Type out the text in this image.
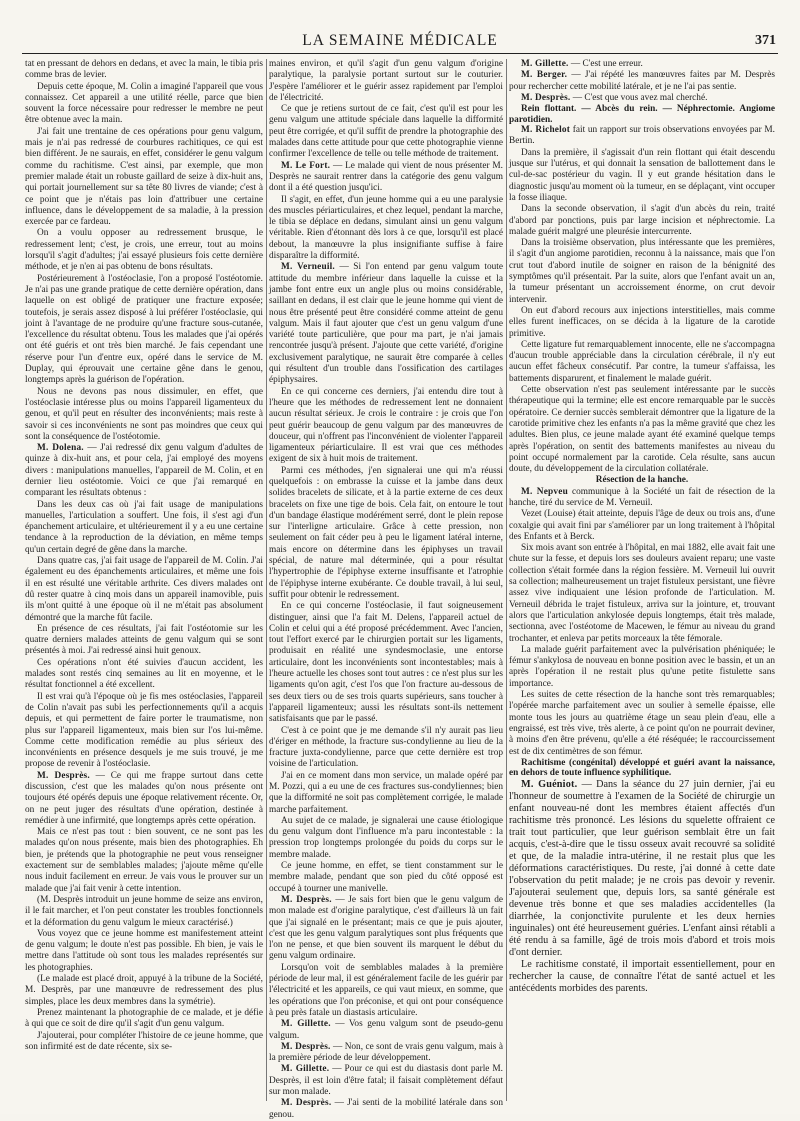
LA SEMAINE MÉDICALE	371

tat en pressant de dehors en dedans, et avec la main, le tibia pris comme bras de levier.

Depuis cette époque, M. Colin a imaginé l'appareil que vous connaissez. Cet appareil a une utilité réelle, parce que bien souvent la force nécessaire pour redresser le membre ne peut être obtenue avec la main.

J'ai fait une trentaine de ces opérations pour genu valgum, mais je n'ai pas redressé de courbures rachitiques, ce qui est bien différent. Je ne saurais, en effet, considérer le genu valgum comme du rachitisme. C'est ainsi, par exemple, que mon premier malade était un robuste gaillard de seize à dix-huit ans, qui portait journellement sur sa tête 80 livres de viande; c'est à ce point que je n'étais pas loin d'attribuer une certaine influence, dans le développement de sa maladie, à la pression exercée par ce fardeau.

On a voulu opposer au redressement brusque, le redressement lent; c'est, je crois, une erreur, tout au moins lorsqu'il s'agit d'adultes; j'ai essayé plusieurs fois cette dernière méthode, et je n'en ai pas obtenu de bons résultats.

Postérieurement à l'ostéoclasie, l'on a proposé l'ostéotomie. Je n'ai pas une grande pratique de cette dernière opération, dans laquelle on est obligé de pratiquer une fracture exposée; toutefois, je serais assez disposé à lui préférer l'ostéoclasie, qui joint à l'avantage de ne produire qu'une fracture sous-cutanée, l'excellence du résultat obtenu. Tous les malades que j'ai opérés ont été guéris et ont très bien marché. Je fais cependant une réserve pour l'un d'entre eux, opéré dans le service de M. Duplay, qui éprouvait une certaine gêne dans le genou, longtemps après la guérison de l'opération.

Nous ne devons pas nous dissimuler, en effet, que l'ostéoclasie intéresse plus ou moins l'appareil ligamenteux du genou, et qu'il peut en résulter des inconvénients; mais reste à savoir si ces inconvénients ne sont pas moindres que ceux qui sont la conséquence de l'ostéotomie.

M. Dolena. — J'ai redressé dix genu valgum d'adultes de quinze à dix-huit ans, et pour cela, j'ai employé des moyens divers : manipulations manuelles, l'appareil de M. Colin, et en dernier lieu ostéotomie. Voici ce que j'ai remarqué en comparant les résultats obtenus :

Dans les deux cas où j'ai fait usage de manipulations manuelles, l'articulation a souffert. Une fois, il s'est agi d'un épanchement articulaire, et ultérieurement il y a eu une certaine tendance à la reproduction de la déviation, en même temps qu'un certain degré de gêne dans la marche.

Dans quatre cas, j'ai fait usage de l'appareil de M. Colin. J'ai également eu des épanchements articulaires, et même une fois il en est résulté une véritable arthrite. Ces divers malades ont dû rester quatre à cinq mois dans un appareil inamovible, puis ils m'ont quitté à une époque où il ne m'était pas absolument démontré que la marche fût facile.

En présence de ces résultats, j'ai fait l'ostéotomie sur les quatre derniers malades atteints de genu valgum qui se sont présentés à moi. J'ai redressé ainsi huit genoux.

Ces opérations n'ont été suivies d'aucun accident, les malades sont restés cinq semaines au lit en moyenne, et le résultat fonctionnel a été excellent.

Il est vrai qu'à l'époque où je fis mes ostéoclasies, l'appareil de Colin n'avait pas subi les perfectionnements qu'il a acquis depuis, et qui permettent de faire porter le traumatisme, non plus sur l'appareil ligamenteux, mais bien sur l'os lui-même. Comme cette modification remédie au plus sérieux des inconvénients en présence desquels je me suis trouvé, je me propose de revenir à l'ostéoclasie.

M. Desprès. — Ce qui me frappe surtout dans cette discussion, c'est que les malades qu'on nous présente ont toujours été opérés depuis une époque relativement récente. Or, on ne peut juger des résultats d'une opération, destinée à remédier à une infirmité, que longtemps après cette opération.

Mais ce n'est pas tout : bien souvent, ce ne sont pas les malades qu'on nous présente, mais bien des photographies. Eh bien, je prétends que la photographie ne peut vous renseigner exactement sur de semblables malades; j'ajoute même qu'elle nous induit facilement en erreur. Je vais vous le prouver sur un malade que j'ai fait venir à cette intention.

(M. Desprès introduit un jeune homme de seize ans environ, il le fait marcher, et l'on peut constater les troubles fonctionnels et la déformation du genu valgum le mieux caractérisé.)

Vous voyez que ce jeune homme est manifestement atteint de genu valgum; le doute n'est pas possible. Eh bien, je vais le mettre dans l'attitude où sont tous les malades représentés sur les photographies.

(Le malade est placé droit, appuyé à la tribune de la Société, M. Desprès, par une manœuvre de redressement des plus simples, place les deux membres dans la symétrie).

Prenez maintenant la photographie de ce malade, et je défie à qui que ce soit de dire qu'il s'agit d'un genu valgum.

J'ajouterai, pour compléter l'histoire de ce jeune homme, que son infirmité est de date récente, six se-

maines environ, et qu'il s'agit d'un genu valgum d'origine paralytique, la paralysie portant surtout sur le couturier. J'espère l'améliorer et le guérir assez rapidement par l'emploi de l'électricité.

Ce que je retiens surtout de ce fait, c'est qu'il est pour les genu valgum une attitude spéciale dans laquelle la difformité peut être corrigée, et qu'il suffit de prendre la photographie des malades dans cette attitude pour que cette photographie vienne confirmer l'excellence de telle ou telle méthode de traitement.

M. Le Fort. — Le malade qui vient de nous présenter M. Desprès ne saurait rentrer dans la catégorie des genu valgum dont il a été question jusqu'ici.

Il s'agit, en effet, d'un jeune homme qui a eu une paralysie des muscles périarticulaires, et chez lequel, pendant la marche, le tibia se déplace en dedans, simulant ainsi un genu valgum véritable. Rien d'étonnant dès lors à ce que, lorsqu'il est placé debout, la manœuvre la plus insignifiante suffise à faire disparaître la difformité.

M. Verneuil. — Si l'on entend par genu valgum toute attitude du membre inférieur dans laquelle la cuisse et la jambe font entre eux un angle plus ou moins considérable, saillant en dedans, il est clair que le jeune homme qui vient de nous être présenté peut être considéré comme atteint de genu valgum. Mais il faut ajouter que c'est un genu valgum d'une variété toute particulière, que pour ma part, je n'ai jamais rencontrée jusqu'à présent. J'ajoute que cette variété, d'origine exclusivement paralytique, ne saurait être comparée à celles qui résultent d'un trouble dans l'ossification des cartilages épiphysaires.

En ce qui concerne ces derniers, j'ai entendu dire tout à l'heure que les méthodes de redressement lent ne donnaient aucun résultat sérieux. Je crois le contraire : je crois que l'on peut guérir beaucoup de genu valgum par des manœuvres de douceur, qui n'offrent pas l'inconvénient de violenter l'appareil ligamenteux périarticulaire. Il est vrai que ces méthodes exigent de six à huit mois de traitement.

Parmi ces méthodes, j'en signalerai une qui m'a réussi quelquefois : on embrasse la cuisse et la jambe dans deux solides bracelets de silicate, et à la partie externe de ces deux bracelets on fixe une tige de bois. Cela fait, on entoure le tout d'un bandage élastique modérément serré, dont le plein repose sur l'interligne articulaire. Grâce à cette pression, non seulement on fait céder peu à peu le ligament latéral interne, mais encore on détermine dans les épiphyses un travail spécial, de nature mal déterminée, qui a pour résultat l'hypertrophie de l'épiphyse externe insuffisante et l'atrophie de l'épiphyse interne exubérante. Ce double travail, à lui seul, suffit pour obtenir le redressement.

En ce qui concerne l'ostéoclasie, il faut soigneusement distinguer, ainsi que l'a fait M. Delens, l'appareil actuel de Colin et celui qui a été proposé précédemment. Avec l'ancien, tout l'effort exercé par le chirurgien portait sur les ligaments, produisait en réalité une syndesmoclasie, une entorse articulaire, dont les inconvénients sont incontestables; mais à l'heure actuelle les choses sont tout autres : ce n'est plus sur les ligaments qu'on agit, c'est l'os que l'on fracture au-dessous de ses deux tiers ou de ses trois quarts supérieurs, sans toucher à l'appareil ligamenteux; aussi les résultats sont-ils nettement satisfaisants que par le passé.

C'est à ce point que je me demande s'il n'y aurait pas lieu d'ériger en méthode, la fracture sus-condylienne au lieu de la fracture juxta-condylienne, parce que cette dernière est trop voisine de l'articulation.

J'ai en ce moment dans mon service, un malade opéré par M. Pozzi, qui a eu une de ces fractures sus-condyliennes; bien que la difformité ne soit pas complètement corrigée, le malade marche parfaitement.

Au sujet de ce malade, je signalerai une cause étiologique du genu valgum dont l'influence m'a paru incontestable : la pression trop longtemps prolongée du poids du corps sur le membre malade.

Ce jeune homme, en effet, se tient constamment sur le membre malade, pendant que son pied du côté opposé est occupé à tourner une manivelle.

M. Desprès. — Je sais fort bien que le genu valgum de mon malade est d'origine paralytique, c'est d'ailleurs là un fait que j'ai signalé en le présentant; mais ce que je puis ajouter, c'est que les genu valgum paralytiques sont plus fréquents que l'on ne pense, et que bien souvent ils marquent le début du genu valgum ordinaire.

Lorsqu'on voit de semblables malades à la première période de leur mal, il est généralement facile de les guérir par l'électricité et les appareils, ce qui vaut mieux, en somme, que les opérations que l'on préconise, et qui ont pour conséquence à peu près fatale un diastasis articulaire.

M. Gillette. — Vos genu valgum sont de pseudo-genu valgum.

M. Desprès. — Non, ce sont de vrais genu valgum, mais à la première période de leur développement.

M. Gillette. — Pour ce qui est du diastasis dont parle M. Desprès, il est loin d'être fatal; il faisait complètement défaut sur mon malade.

M. Desprès. — J'ai senti de la mobilité latérale dans son genou.

M. Gillette. — C'est une erreur.

M. Berger. — J'ai répété les manœuvres faites par M. Desprès pour rechercher cette mobilité latérale, et je ne l'ai pas sentie.

M. Desprès. — C'est que vous avez mal cherché.

Rein flottant. — Abcès du rein. — Néphrectomie. Angiome parotidien.

M. Richelot fait un rapport sur trois observations envoyées par M. Bertin.

Dans la première, il s'agissait d'un rein flottant qui était descendu jusque sur l'utérus, et qui donnait la sensation de ballottement dans le cul-de-sac postérieur du vagin. Il y eut grande hésitation dans le diagnostic jusqu'au moment où la tumeur, en se déplaçant, vint occuper la fosse iliaque.

Dans la seconde observation, il s'agit d'un abcès du rein, traité d'abord par ponctions, puis par large incision et néphrectomie. La malade guérit malgré une pleurésie intercurrente.

Dans la troisième observation, plus intéressante que les premières, il s'agit d'un angiome parotidien, reconnu à la naissance, mais que l'on crut tout d'abord inutile de soigner en raison de la bénignité des symptômes qu'il présentait. Par la suite, alors que l'enfant avait un an, la tumeur présentant un accroissement énorme, on crut devoir intervenir.

On eut d'abord recours aux injections interstitielles, mais comme elles furent inefficaces, on se décida à la ligature de la carotide primitive.

Cette ligature fut remarquablement innocente, elle ne s'accompagna d'aucun trouble appréciable dans la circulation cérébrale, il n'y eut aucun effet fâcheux consécutif. Par contre, la tumeur s'affaissa, les battements disparurent, et finalement le malade guérit.

Cette observation n'est pas seulement intéressante par le succès thérapeutique qui la termine; elle est encore remarquable par le succès opératoire. Ce dernier succès semblerait démontrer que la ligature de la carotide primitive chez les enfants n'a pas la même gravité que chez les adultes. Bien plus, ce jeune malade ayant été examiné quelque temps après l'opération, on sentit des battements manifestes au niveau du point occupé normalement par la carotide. Cela résulte, sans aucun doute, du développement de la circulation collatérale.

Résection de la hanche.

M. Nepveu communique à la Société un fait de résection de la hanche, tiré du service de M. Verneuil.

Vezet (Louise) était atteinte, depuis l'âge de deux ou trois ans, d'une coxalgie qui avait fini par s'améliorer par un long traitement à l'hôpital des Enfants et à Berck.

Six mois avant son entrée à l'hôpital, en mai 1882, elle avait fait une chute sur la fesse, et depuis lors ses douleurs avaient reparu; une vaste collection s'était formée dans la région fessière. M. Verneuil lui ouvrit sa collection; malheureusement un trajet fistuleux persistant, une fièvre assez vive indiquaient une lésion profonde de l'articulation. M. Verneuil débrida le trajet fistuleux, arriva sur la jointure, et, trouvant alors que l'articulation ankylosée depuis longtemps, était très malade, sectionna, avec l'ostéotome de Macewen, le fémur au niveau du grand trochanter, et enleva par petits morceaux la tête fémorale.

La malade guérit parfaitement avec la pulvérisation phéniquée; le fémur s'ankylosa de nouveau en bonne position avec le bassin, et un an après l'opération il ne restait plus qu'une petite fistulette sans importance.

Les suites de cette résection de la hanche sont très remarquables; l'opérée marche parfaitement avec un soulier à semelle épaisse, elle monte tous les jours au quatrième étage un seau plein d'eau, elle a engraissé, est très vive, très alerte, à ce point qu'on ne pourrait deviner, à moins d'en être prévenu, qu'elle a été réséquée; le raccourcissement est de dix centimètres de son fémur.

Rachitisme (congénital) développé et guéri avant la naissance, en dehors de toute influence syphilitique.

M. Guéniot. — Dans la séance du 27 juin dernier, j'ai eu l'honneur de soumettre à l'examen de la Société de chirurgie un enfant nouveau-né dont les membres étaient affectés d'un rachitisme très prononcé. Les lésions du squelette offraient ce trait tout particulier, que leur guérison semblait être un fait acquis, c'est-à-dire que le tissu osseux avait recouvré sa solidité et que, de la maladie intra-utérine, il ne restait plus que les déformations caractéristiques. Du reste, j'ai donné à cette date l'observation du petit malade; je ne crois pas devoir y revenir. J'ajouterai seulement que, depuis lors, sa santé générale est devenue très bonne et que ses maladies accidentelles (la diarrhée, la conjonctivite purulente et les deux hernies inguinales) ont été heureusement guéries. L'enfant ainsi rétabli a été rendu à sa famille, âgé de trois mois d'abord et trois mois d'ont dernier.

Le rachitisme constaté, il importait essentiellement, pour en rechercher la cause, de connaître l'état de santé actuel et les antécédents morbides des parents.
